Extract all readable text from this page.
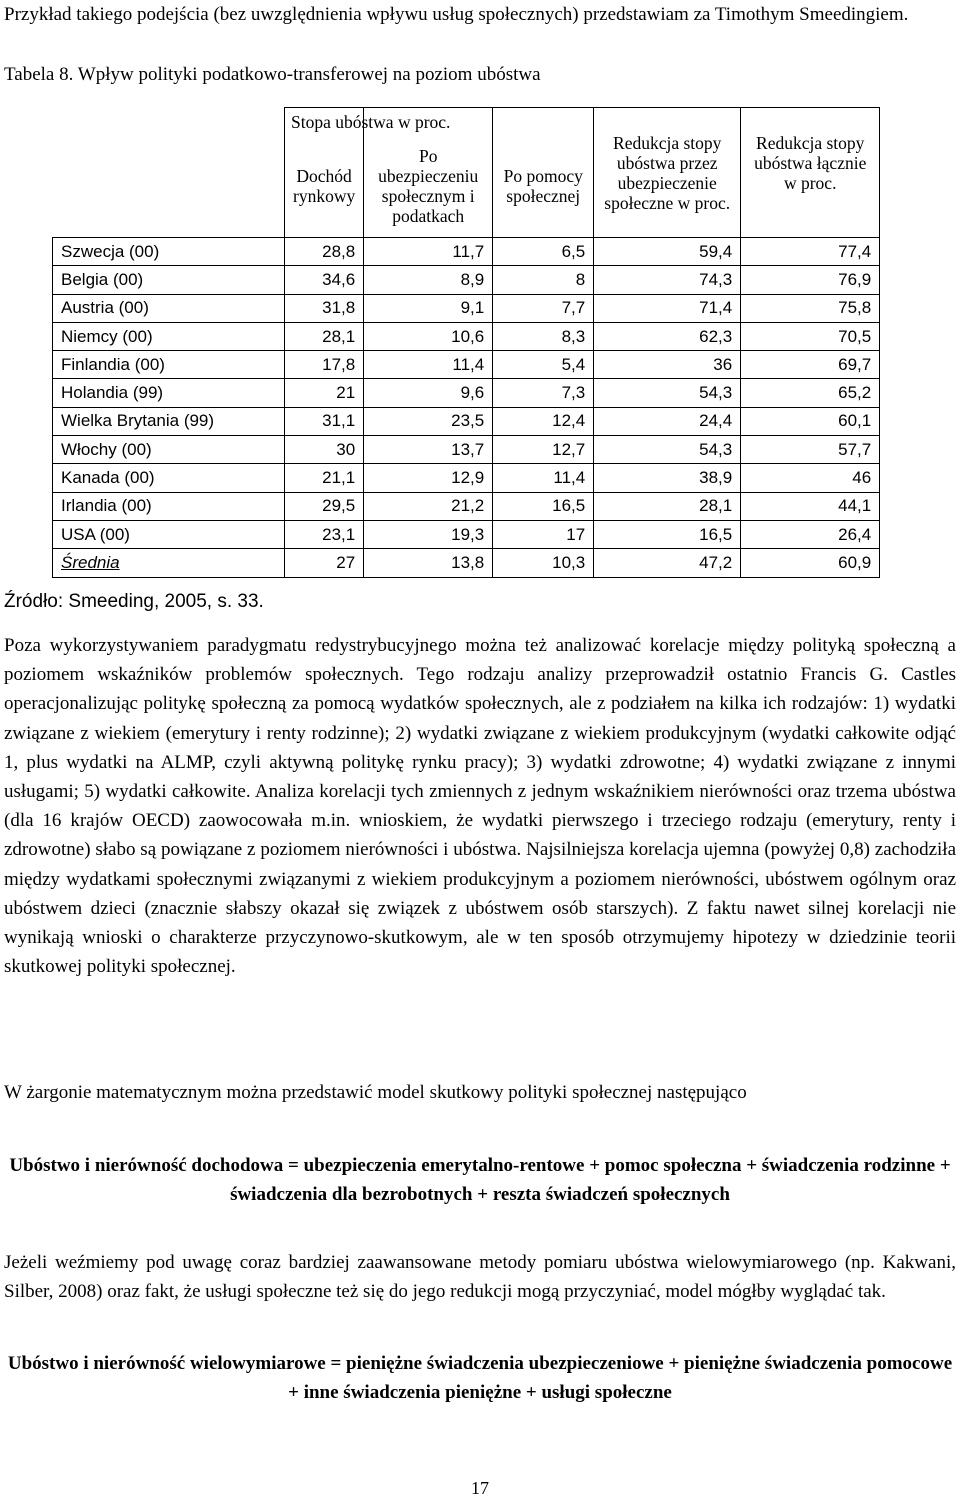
Przykład takiego podejścia (bez uwzględnienia wpływu usług społecznych) przedstawiam za Timothym Smeedingiem.
Tabela 8. Wpływ polityki podatkowo-transferowej na poziom ubóstwa

	Stopa ubóstwa w proc.
Dochód rynkowy	Po ubezpieczeniu społecznym i podatkach	Po pomocy społecznej	Redukcja stopy ubóstwa przez ubezpieczenie społeczne w proc.	Redukcja stopy ubóstwa łącznie w proc.

Szwecja (00)	28,8	11,7	6,5	59,4	77,4
Belgia (00)	34,6	8,9	8	74,3	76,9
Austria (00)	31,8	9,1	7,7	71,4	75,8
Niemcy (00)	28,1	10,6	8,3	62,3	70,5
Finlandia (00)	17,8	11,4	5,4	36	69,7
Holandia (99)	21	9,6	7,3	54,3	65,2
Wielka Brytania (99)	31,1	23,5	12,4	24,4	60,1
Włochy (00)	30	13,7	12,7	54,3	57,7
Kanada (00)	21,1	12,9	11,4	38,9	46
Irlandia (00)	29,5	21,2	16,5	28,1	44,1
USA (00)	23,1	19,3	17	16,5	26,4
Średnia	27	13,8	10,3	47,2	60,9
Źródło: Smeeding, 2005, s. 33.
Poza wykorzystywaniem paradygmatu redystrybucyjnego można też analizować korelacje między polityką społeczną a poziomem wskaźników problemów społecznych. Tego rodzaju analizy przeprowadził ostatnio Francis G. Castles operacjonalizując politykę społeczną za pomocą wydatków społecznych, ale z podziałem na kilka ich rodzajów: 1) wydatki związane z wiekiem (emerytury i renty rodzinne); 2) wydatki związane z wiekiem produkcyjnym (wydatki całkowite odjąć 1, plus wydatki na ALMP, czyli aktywną politykę rynku pracy); 3) wydatki zdrowotne; 4) wydatki związane z innymi usługami; 5) wydatki całkowite. Analiza korelacji tych zmiennych z jednym wskaźnikiem nierówności oraz trzema ubóstwa (dla 16 krajów OECD) zaowocowała m.in. wnioskiem, że wydatki pierwszego i trzeciego rodzaju (emerytury, renty i zdrowotne) słabo są powiązane z poziomem nierówności i ubóstwa. Najsilniejsza korelacja ujemna (powyżej 0,8) zachodziła między wydatkami społecznymi związanymi z wiekiem produkcyjnym a poziomem nierówności, ubóstwem ogólnym oraz ubóstwem dzieci (znacznie słabszy okazał się związek z ubóstwem osób starszych). Z faktu nawet silnej korelacji nie wynikają wnioski o charakterze przyczynowo-skutkowym, ale w ten sposób otrzymujemy hipotezy w dziedzinie teorii skutkowej polityki społecznej.
W żargonie matematycznym można przedstawić model skutkowy polityki społecznej następująco
Ubóstwo i nierówność dochodowa = ubezpieczenia emerytalno-rentowe + pomoc społeczna + świadczenia rodzinne + świadczenia dla bezrobotnych + reszta świadczeń społecznych
Jeżeli weźmiemy pod uwagę coraz bardziej zaawansowane metody pomiaru ubóstwa wielowymiarowego (np. Kakwani, Silber, 2008) oraz fakt, że usługi społeczne też się do jego redukcji mogą przyczyniać, model mógłby wyglądać tak.
Ubóstwo i nierówność wielowymiarowe = pieniężne świadczenia ubezpieczeniowe + pieniężne świadczenia pomocowe + inne świadczenia pieniężne + usługi społeczne
17
